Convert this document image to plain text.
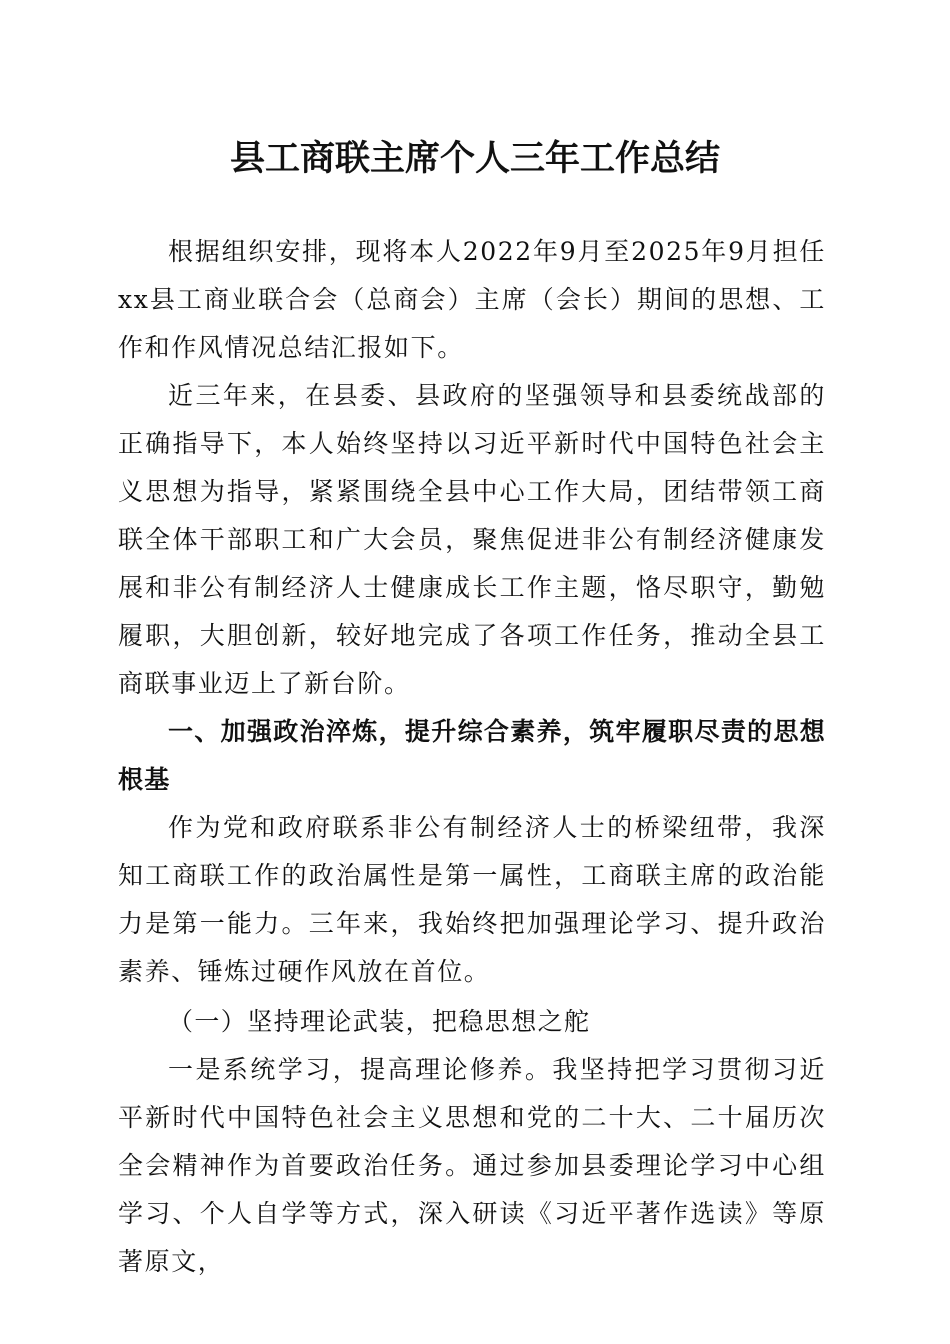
县工商联主席个人三年工作总结

根据组织安排，现将本人2022年9月至2025年9月担任xx县工商业联合会（总商会）主席（会长）期间的思想、工作和作风情况总结汇报如下。

近三年来，在县委、县政府的坚强领导和县委统战部的正确指导下，本人始终坚持以习近平新时代中国特色社会主义思想为指导，紧紧围绕全县中心工作大局，团结带领工商联全体干部职工和广大会员，聚焦促进非公有制经济健康发展和非公有制经济人士健康成长工作主题，恪尽职守，勤勉履职，大胆创新，较好地完成了各项工作任务，推动全县工商联事业迈上了新台阶。

一、加强政治淬炼，提升综合素养，筑牢履职尽责的思想根基

作为党和政府联系非公有制经济人士的桥梁纽带，我深知工商联工作的政治属性是第一属性，工商联主席的政治能力是第一能力。三年来，我始终把加强理论学习、提升政治素养、锤炼过硬作风放在首位。

（一）坚持理论武装，把稳思想之舵

一是系统学习，提高理论修养。我坚持把学习贯彻习近平新时代中国特色社会主义思想和党的二十大、二十届历次全会精神作为首要政治任务。通过参加县委理论学习中心组学习、个人自学等方式，深入研读《习近平著作选读》等原著原文，
